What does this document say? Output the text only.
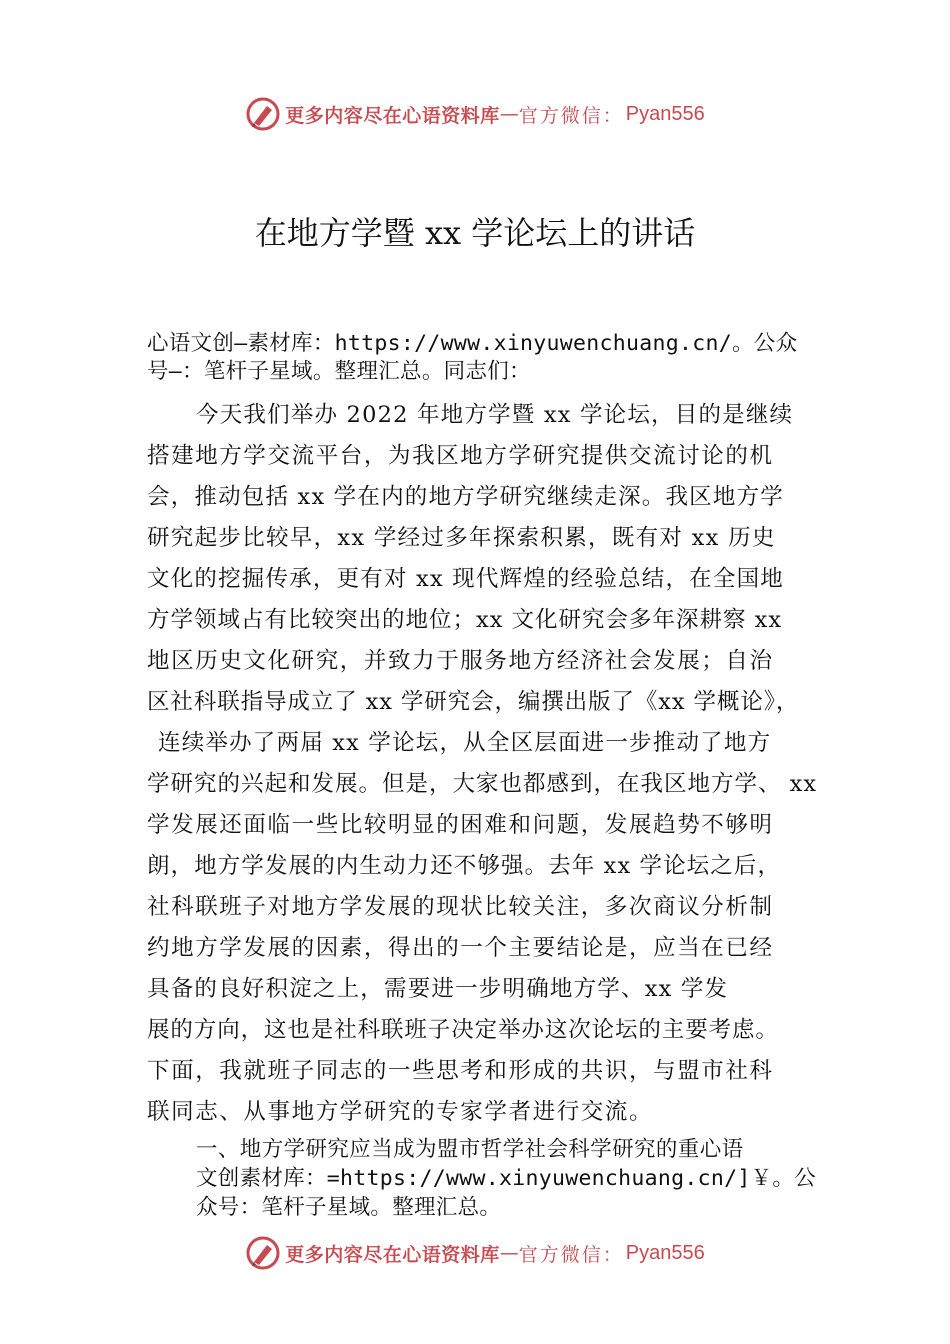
更多内容尽在心语资料库 — 官方微信： Pyan556
在地方学暨 xx 学论坛上的讲话
心语文创—素材库：https://www.xinyuwenchuang.cn/。公众
号—：笔杆子星域。整理汇总。同志们：
今天我们举办 2022 年地方学暨 xx 学论坛，目的是继续
搭建地方学交流平台，为我区地方学研究提供交流讨论的机
会，推动包括 xx 学在内的地方学研究继续走深。我区地方学
研究起步比较早，xx 学经过多年探索积累，既有对 xx 历史
文化的挖掘传承，更有对 xx 现代辉煌的经验总结，在全国地
方学领域占有比较突出的地位；xx 文化研究会多年深耕察 xx
地区历史文化研究，并致力于服务地方经济社会发展；自治
区社科联指导成立了 xx 学研究会，编撰出版了《xx 学概论》，
连续举办了两届 xx 学论坛，从全区层面进一步推动了地方
学研究的兴起和发展。但是，大家也都感到，在我区地方学、 xx
学发展还面临一些比较明显的困难和问题，发展趋势不够明
朗，地方学发展的内生动力还不够强。去年 xx 学论坛之后，
社科联班子对地方学发展的现状比较关注，多次商议分析制
约地方学发展的因素，得出的一个主要结论是，应当在已经
具备的良好积淀之上，需要进一步明确地方学、xx 学发
展的方向，这也是社科联班子决定举办这次论坛的主要考虑。
下面，我就班子同志的一些思考和形成的共识，与盟市社科
联同志、从事地方学研究的专家学者进行交流。
一、地方学研究应当成为盟市哲学社会科学研究的重心语
文创素材库：=https://www.xinyuwenchuang.cn/]￥。公
众号：笔杆子星域。整理汇总。
更多内容尽在心语资料库 — 官方微信： Pyan556
